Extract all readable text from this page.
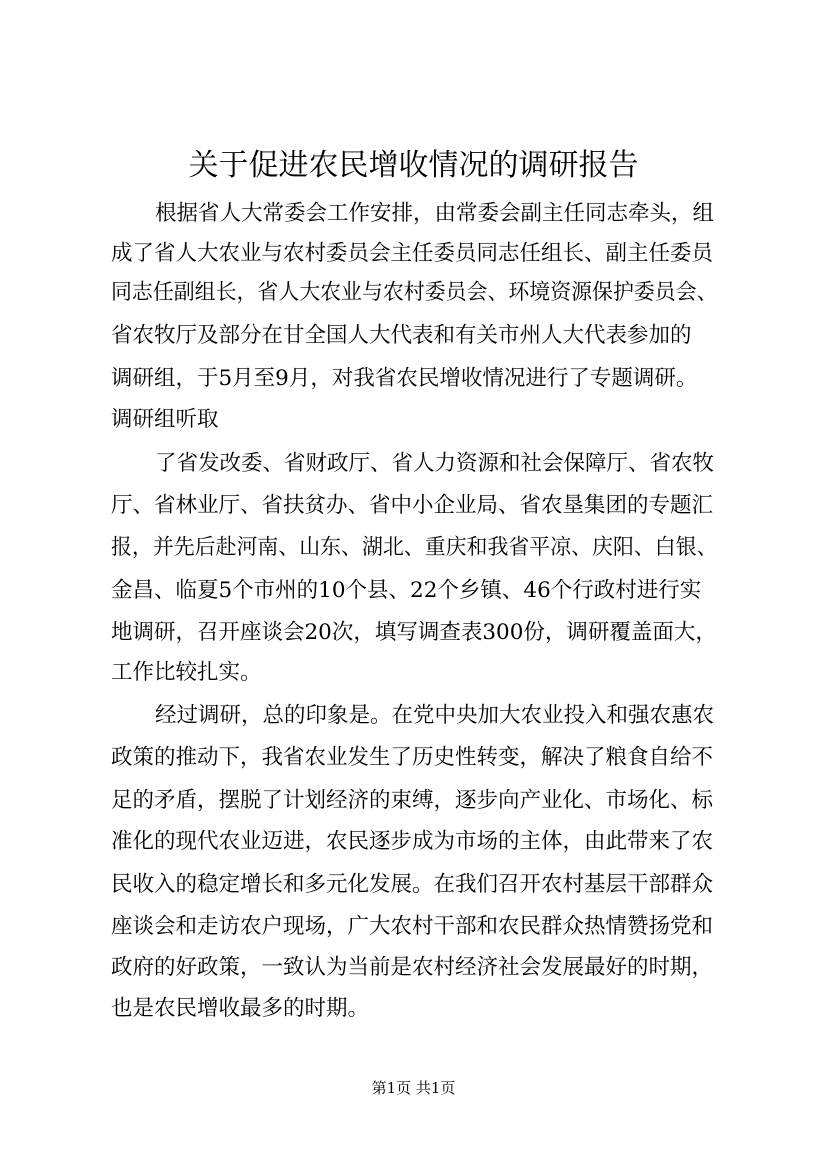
关于促进农民增收情况的调研报告
根据省人大常委会工作安排，由常委会副主任同志牵头，组
成了省人大农业与农村委员会主任委员同志任组长、副主任委员
同志任副组长，省人大农业与农村委员会、环境资源保护委员会、
省农牧厅及部分在甘全国人大代表和有关市州人大代表参加的
调研组，于5月至9月，对我省农民增收情况进行了专题调研。
调研组听取
了省发改委、省财政厅、省人力资源和社会保障厅、省农牧
厅、省林业厅、省扶贫办、省中小企业局、省农垦集团的专题汇
报，并先后赴河南、山东、湖北、重庆和我省平凉、庆阳、白银、
金昌、临夏5个市州的10个县、22个乡镇、46个行政村进行实
地调研，召开座谈会20次，填写调查表300份，调研覆盖面大，
工作比较扎实。
经过调研，总的印象是。在党中央加大农业投入和强农惠农
政策的推动下，我省农业发生了历史性转变，解决了粮食自给不
足的矛盾，摆脱了计划经济的束缚，逐步向产业化、市场化、标
准化的现代农业迈进，农民逐步成为市场的主体，由此带来了农
民收入的稳定增长和多元化发展。在我们召开农村基层干部群众
座谈会和走访农户现场，广大农村干部和农民群众热情赞扬党和
政府的好政策，一致认为当前是农村经济社会发展最好的时期，
也是农民增收最多的时期。
第1页 共1页
